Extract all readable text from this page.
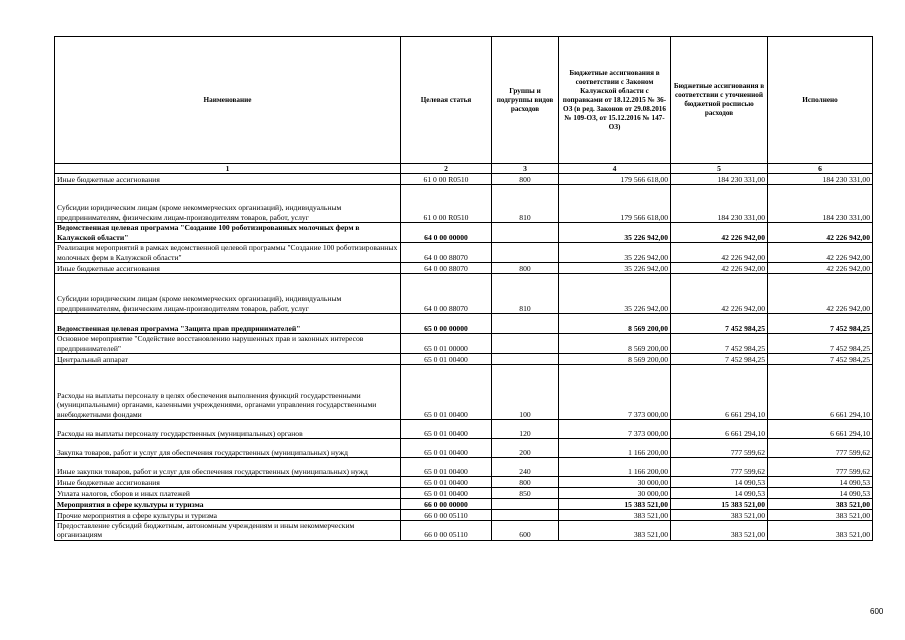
Наименование	Целевая статья	Группы и подгруппы видов расходов	Бюджетные ассигнования в соответствии с Законом Калужской области с поправками от 18.12.2015 № 36-ОЗ (в ред. Законов от 29.08.2016 № 109-ОЗ, от 15.12.2016 № 147-ОЗ)	Бюджетные ассигнования в соответствии с уточненной бюджетной росписью расходов	Исполнено
1	2	3	4	5	6
Иные бюджетные ассигнования	61 0 00 R0510	800	179 566 618,00	184 230 331,00	184 230 331,00
Субсидии юридическим лицам (кроме некоммерческих организаций), индивидуальным предпринимателям, физическим лицам-производителям товаров, работ, услуг	61 0 00 R0510	810	179 566 618,00	184 230 331,00	184 230 331,00
Ведомственная целевая программа "Создание 100 роботизированных молочных ферм в Калужской области"	64 0 00 00000		35 226 942,00	42 226 942,00	42 226 942,00
Реализация мероприятий в рамках ведомственной целевой программы "Создание 100 роботизированных молочных ферм в Калужской области"	64 0 00 88070		35 226 942,00	42 226 942,00	42 226 942,00
Иные бюджетные ассигнования	64 0 00 88070	800	35 226 942,00	42 226 942,00	42 226 942,00
Субсидии юридическим лицам (кроме некоммерческих организаций), индивидуальным предпринимателям, физическим лицам-производителям товаров, работ, услуг	64 0 00 88070	810	35 226 942,00	42 226 942,00	42 226 942,00
Ведомственная целевая программа "Защита прав предпринимателей"	65 0 00 00000		8 569 200,00	7 452 984,25	7 452 984,25
Основное мероприятие "Содействие восстановлению нарушенных прав и законных интересов предпринимателей"	65 0 01 00000		8 569 200,00	7 452 984,25	7 452 984,25
Центральный аппарат	65 0 01 00400		8 569 200,00	7 452 984,25	7 452 984,25
Расходы на выплаты персоналу в целях обеспечения выполнения функций государственными (муниципальными) органами, казенными учреждениями, органами управления государственными внебюджетными фондами	65 0 01 00400	100	7 373 000,00	6 661 294,10	6 661 294,10
Расходы на выплаты персоналу государственных (муниципальных) органов	65 0 01 00400	120	7 373 000,00	6 661 294,10	6 661 294,10
Закупка товаров, работ и услуг для обеспечения государственных (муниципальных) нужд	65 0 01 00400	200	1 166 200,00	777 599,62	777 599,62
Иные закупки товаров, работ и услуг для обеспечения государственных (муниципальных) нужд	65 0 01 00400	240	1 166 200,00	777 599,62	777 599,62
Иные бюджетные ассигнования	65 0 01 00400	800	30 000,00	14 090,53	14 090,53
Уплата налогов, сборов и иных платежей	65 0 01 00400	850	30 000,00	14 090,53	14 090,53
Мероприятия в сфере культуры и туризма	66 0 00 00000		15 383 521,00	15 383 521,00	383 521,00
Прочие мероприятия в сфере культуры и туризма	66 0 00 05110		383 521,00	383 521,00	383 521,00
Предоставление субсидий бюджетным, автономным учреждениям и иным некоммерческим организациям	66 0 00 05110	600	383 521,00	383 521,00	383 521,00
600
